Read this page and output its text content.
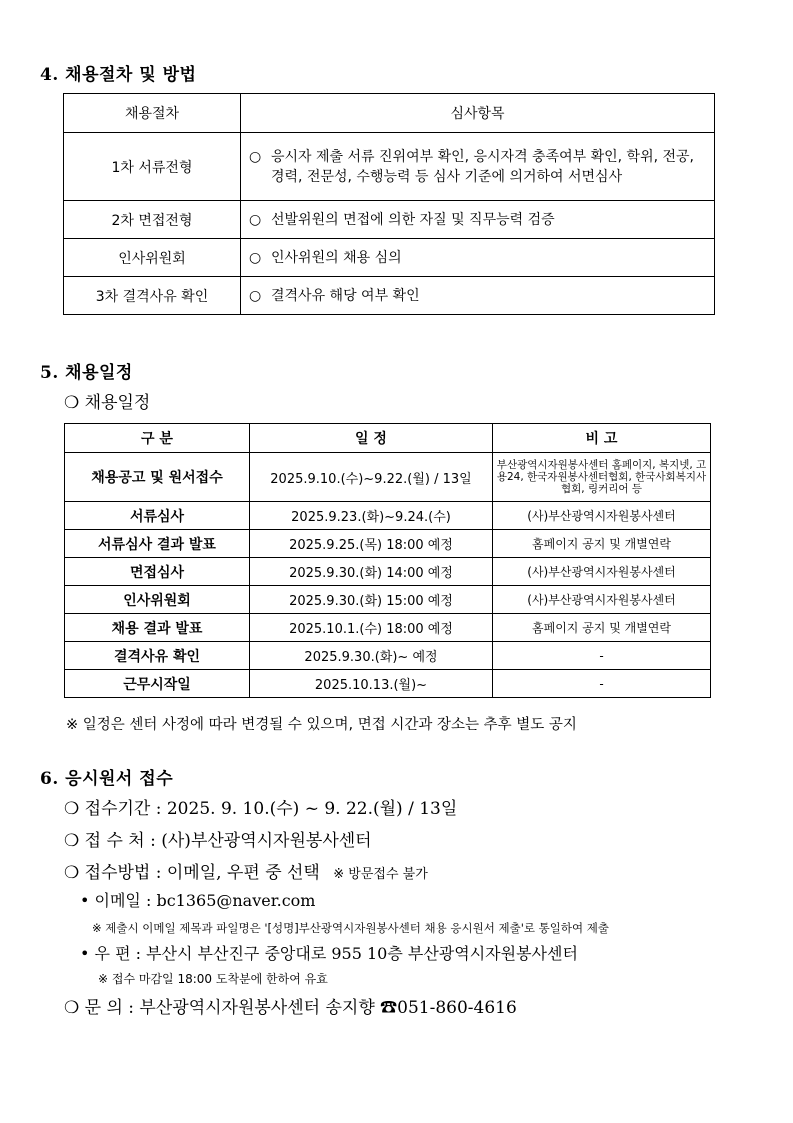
4. 채용절차 및 방법
채용절차	심사항목
1차 서류전형	○ 응시자 제출 서류 진위여부 확인, 응시자격 충족여부 확인, 학위, 전공, 경력, 전문성, 수행능력 등 심사 기준에 의거하여 서면심사

2차 면접전형	○ 선발위원의 면접에 의한 자질 및 직무능력 검증

인사위원회	○ 인사위원의 채용 심의

3차 결격사유 확인	○ 결격사유 해당 여부 확인
5. 채용일정
❍ 채용일정
구 분	일 정	비 고
채용공고 및 원서접수	2025.9.10.(수)~9.22.(월) / 13일	부산광역시자원봉사센터 홈페이지, 복지넷, 고용24, 한국자원봉사센터협회, 한국사회복지사협회, 링커리어 등
서류심사	2025.9.23.(화)~9.24.(수)	(사)부산광역시자원봉사센터
서류심사 결과 발표	2025.9.25.(목) 18:00 예정	홈페이지 공지 및 개별연락
면접심사	2025.9.30.(화) 14:00 예정	(사)부산광역시자원봉사센터
인사위원회	2025.9.30.(화) 15:00 예정	(사)부산광역시자원봉사센터
채용 결과 발표	2025.10.1.(수) 18:00 예정	홈페이지 공지 및 개별연락
결격사유 확인	2025.9.30.(화)~ 예정	-
근무시작일	2025.10.13.(월)~	-
※ 일정은 센터 사정에 따라 변경될 수 있으며, 면접 시간과 장소는 추후 별도 공지
6. 응시원서 접수
❍ 접수기간 : 2025. 9. 10.(수) ~ 9. 22.(월) / 13일
❍ 접 수 처 : (사)부산광역시자원봉사센터
❍ 접수방법 : 이메일, 우편 중 선택 ※ 방문접수 불가
• 이메일 : bc1365@naver.com
※ 제출시 이메일 제목과 파일명은 '[성명]부산광역시자원봉사센터 채용 응시원서 제출'로 통일하여 제출
• 우 편 : 부산시 부산진구 중앙대로 955 10층 부산광역시자원봉사센터
※ 접수 마감일 18:00 도착분에 한하여 유효
❍ 문 의 : 부산광역시자원봉사센터 송지향 ☎051-860-4616
